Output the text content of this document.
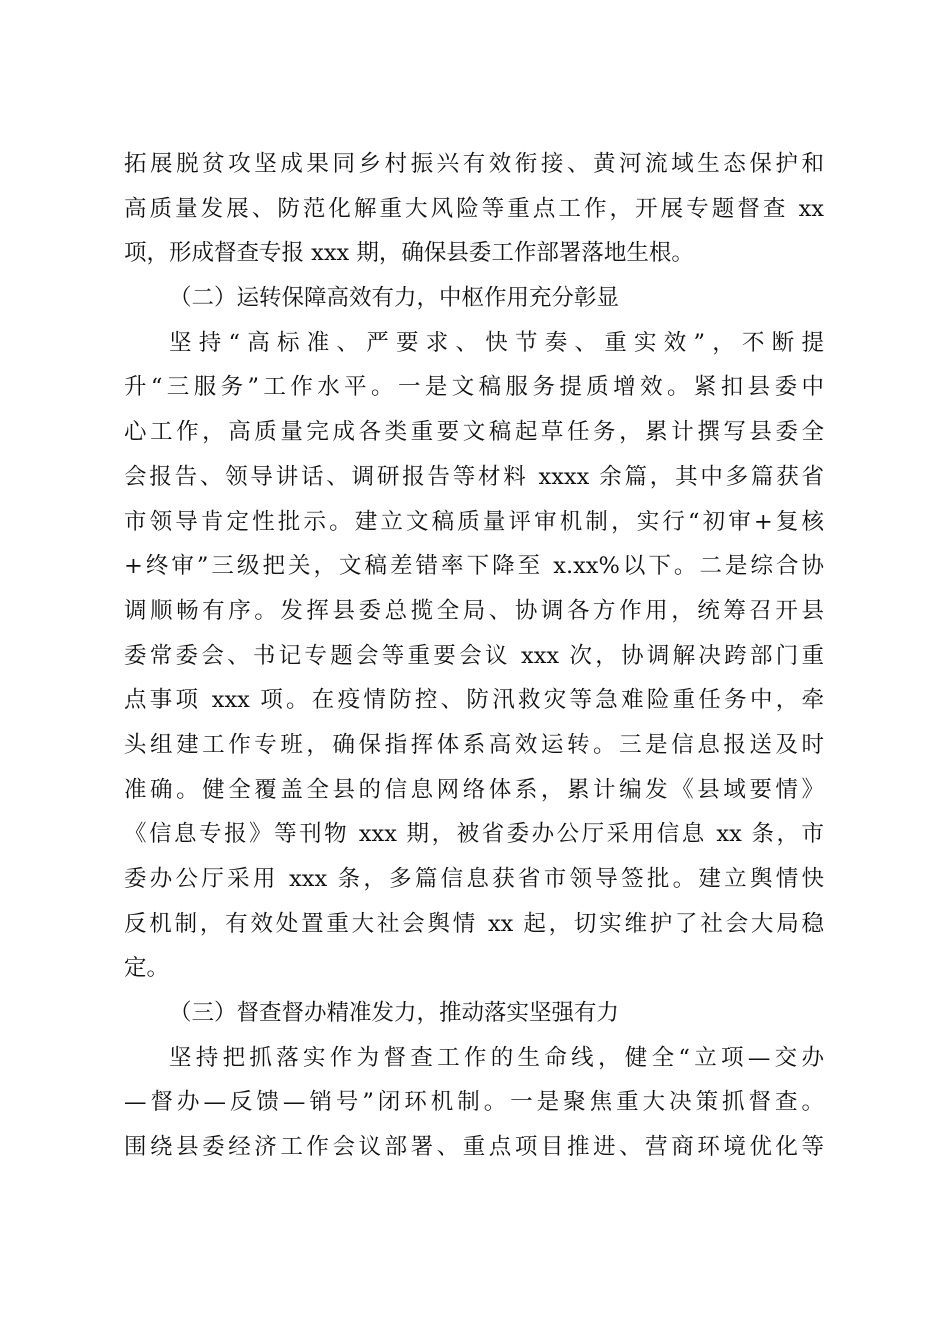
拓展脱贫攻坚成果同乡村振兴有效衔接、黄河流域生态保护和
高质量发展、防范化解重大风险等重点工作，开展专题督查 xx
项，形成督查专报 xxx 期，确保县委工作部署落地生根。
（二）运转保障高效有力，中枢作用充分彰显
坚持“高标准、严要求、快节奏、重实效”，不断提
升“三服务”工作水平。一是文稿服务提质增效。紧扣县委中
心工作，高质量完成各类重要文稿起草任务，累计撰写县委全
会报告、领导讲话、调研报告等材料 xxxx 余篇，其中多篇获省
市领导肯定性批示。建立文稿质量评审机制，实行“初审+复核
+终审”三级把关，文稿差错率下降至 x.xx%以下。二是综合协
调顺畅有序。发挥县委总揽全局、协调各方作用，统筹召开县
委常委会、书记专题会等重要会议 xxx 次，协调解决跨部门重
点事项 xxx 项。在疫情防控、防汛救灾等急难险重任务中，牵
头组建工作专班，确保指挥体系高效运转。三是信息报送及时
准确。健全覆盖全县的信息网络体系，累计编发《县域要情》
《信息专报》等刊物 xxx 期，被省委办公厅采用信息 xx 条，市
委办公厅采用 xxx 条，多篇信息获省市领导签批。建立舆情快
反机制，有效处置重大社会舆情 xx 起，切实维护了社会大局稳
定。
（三）督查督办精准发力，推动落实坚强有力
坚持把抓落实作为督查工作的生命线，健全“立项—交办
—督办—反馈—销号”闭环机制。一是聚焦重大决策抓督查。
围绕县委经济工作会议部署、重点项目推进、营商环境优化等
